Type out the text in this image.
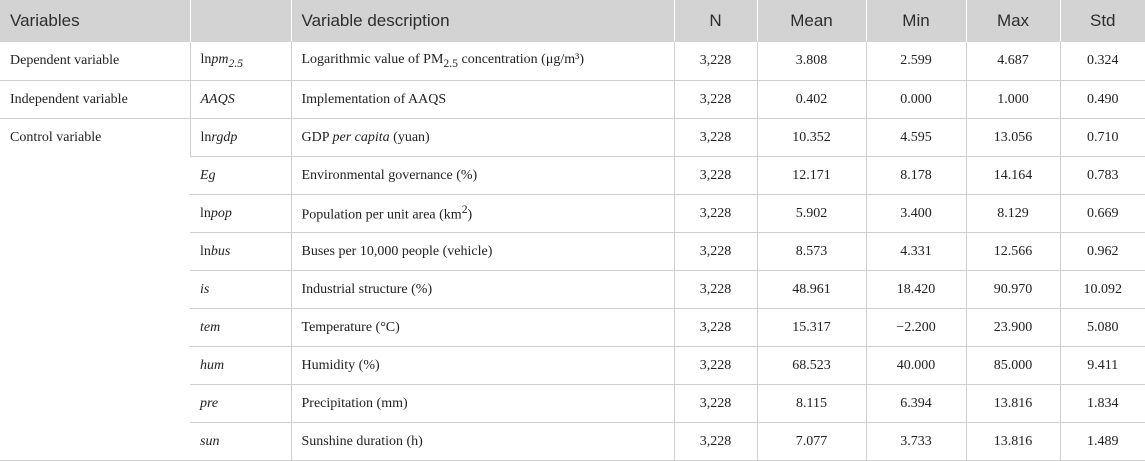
Variables		Variable description	N	Mean	Min	Max	Std
Dependent variable	lnpm$_{2.5}$	Logarithmic value of $PM_{2.5}$ concentration (μg/m³)	3,228	3.808	2.599	4.687	0.324
Independent variable	AAQS	Implementation of AAQS	3,228	0.402	0.000	1.000	0.490
Control variable	lnrgdp	GDP per capita (yuan)	3,228	10.352	4.595	13.056	0.710
	Eg	Environmental governance (%)	3,228	12.171	8.178	14.164	0.783
	lnpop	Population per unit area $(km^2)$	3,228	5.902	3.400	8.129	0.669
	lnbus	Buses per 10,000 people (vehicle)	3,228	8.573	4.331	12.566	0.962
	is	Industrial structure (%)	3,228	48.961	18.420	90.970	10.092
	tem	Temperature (°C)	3,228	15.317	−2.200	23.900	5.080
	hum	Humidity (%)	3,228	68.523	40.000	85.000	9.411
	pre	Precipitation (mm)	3,228	8.115	6.394	13.816	1.834
	sun	Sunshine duration (h)	3,228	7.077	3.733	13.816	1.489
